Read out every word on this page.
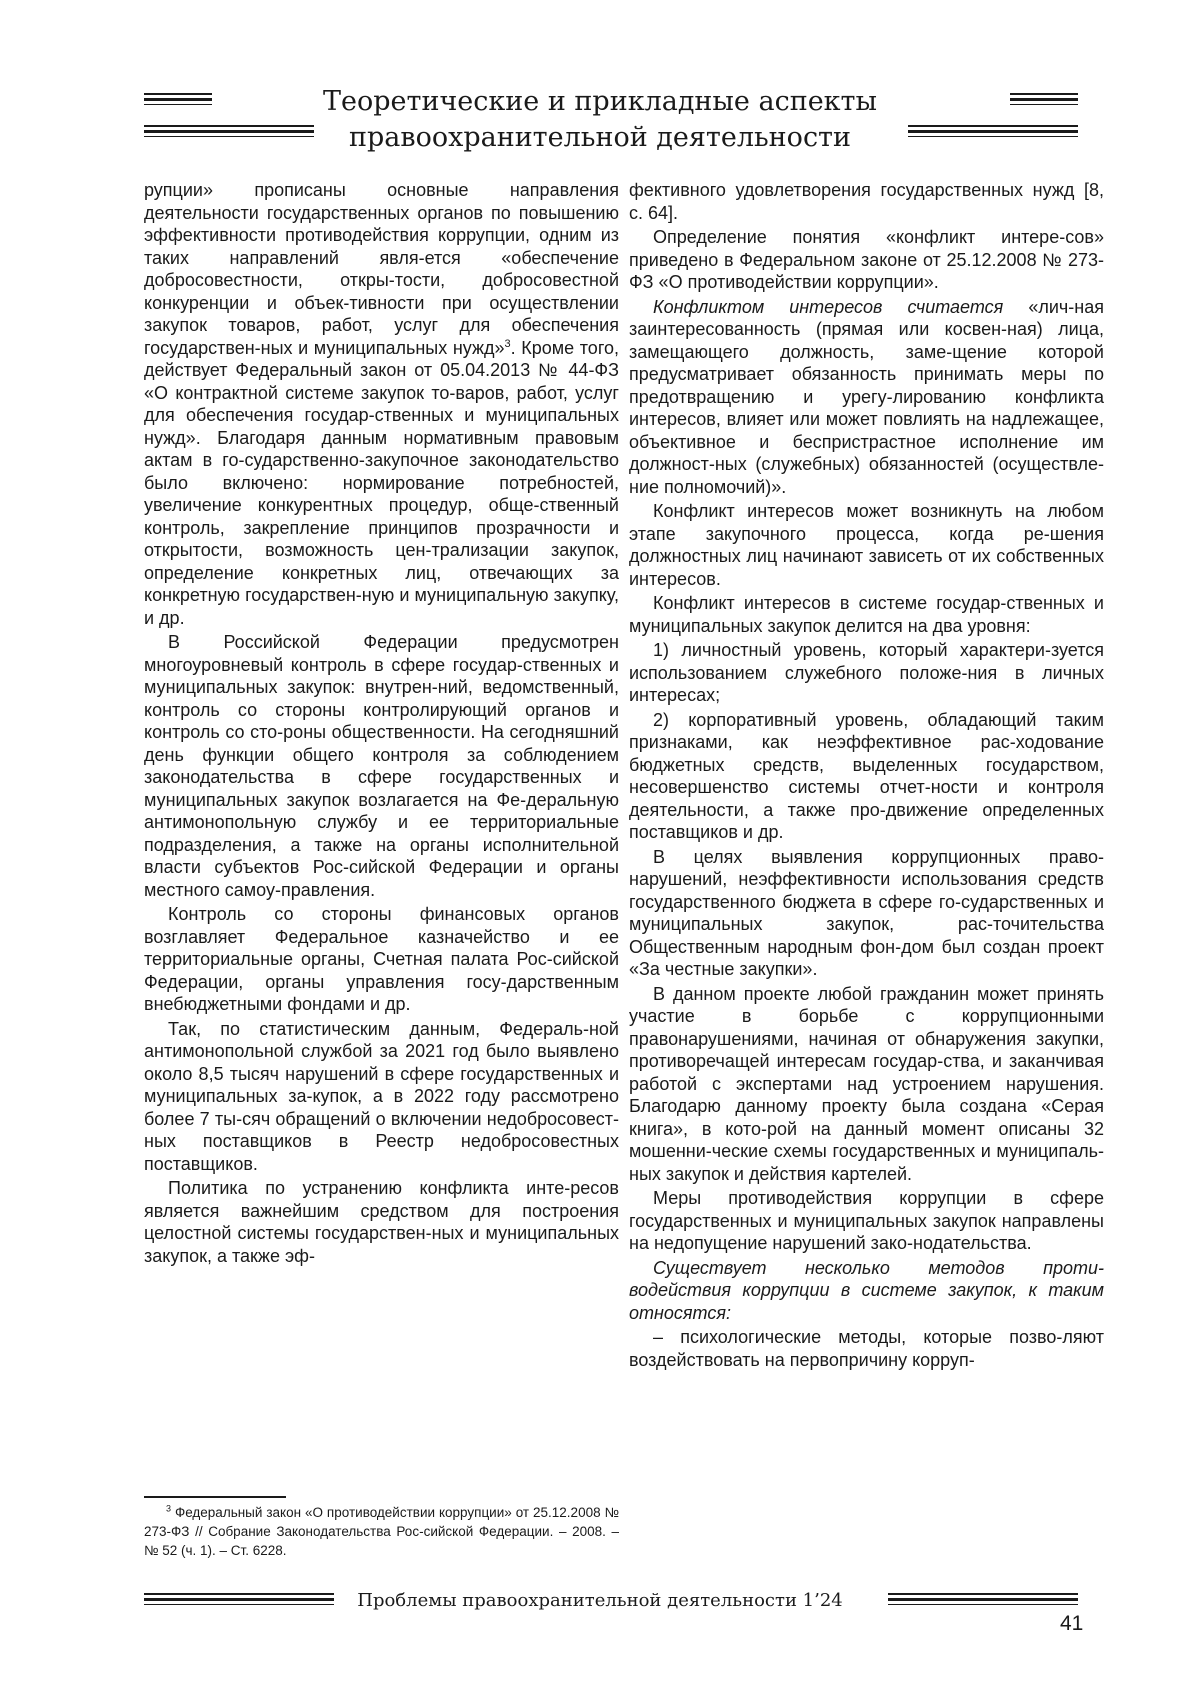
Теоретические и прикладные аспекты
правоохранительной деятельности

рупции» прописаны основные направления деятельности государственных органов по повышению эффективности противодействия коррупции, одним из таких направлений явля-ется «обеспечение добросовестности, откры-тости, добросовестной конкуренции и объек-тивности при осуществлении закупок товаров, работ, услуг для обеспечения государствен-ных и муниципальных нужд»$^3$. Кроме того, действует Федеральный закон от 05.04.2013 № 44-ФЗ «О контрактной системе закупок то-варов, работ, услуг для обеспечения государ-ственных и муниципальных нужд». Благодаря данным нормативным правовым актам в го-сударственно-закупочное законодательство было включено: нормирование потребностей, увеличение конкурентных процедур, обще-ственный контроль, закрепление принципов прозрачности и открытости, возможность цен-трализации закупок, определение конкретных лиц, отвечающих за конкретную государствен-ную и муниципальную закупку, и др.

В Российской Федерации предусмотрен многоуровневый контроль в сфере государ-ственных и муниципальных закупок: внутрен-ний, ведомственный, контроль со стороны контролирующий органов и контроль со сто-роны общественности. На сегодняшний день функции общего контроля за соблюдением законодательства в сфере государственных и муниципальных закупок возлагается на Фе-деральную антимонопольную службу и ее территориальные подразделения, а также на органы исполнительной власти субъектов Рос-сийской Федерации и органы местного самоу-правления.

Контроль со стороны финансовых органов возглавляет Федеральное казначейство и ее территориальные органы, Счетная палата Рос-сийской Федерации, органы управления госу-дарственным внебюджетными фондами и др.

Так, по статистическим данным, Федераль-ной антимонопольной службой за 2021 год было выявлено около 8,5 тысяч нарушений в сфере государственных и муниципальных за-купок, а в 2022 году рассмотрено более 7 ты-сяч обращений о включении недобросовест-ных поставщиков в Реестр недобросовестных поставщиков.

Политика по устранению конфликта инте-ресов является важнейшим средством для построения целостной системы государствен-ных и муниципальных закупок, а также эф-

фективного удовлетворения государственных нужд [8, с. 64].

Определение понятия «конфликт интере-сов» приведено в Федеральном законе от 25.12.2008 № 273-ФЗ «О противодействии коррупции».

Конфликтом интересов считается «лич-ная заинтересованность (прямая или косвен-ная) лица, замещающего должность, заме-щение которой предусматривает обязанность принимать меры по предотвращению и урегу-лированию конфликта интересов, влияет или может повлиять на надлежащее, объективное и беспристрастное исполнение им должност-ных (служебных) обязанностей (осуществле-ние полномочий)».

Конфликт интересов может возникнуть на любом этапе закупочного процесса, когда ре-шения должностных лиц начинают зависеть от их собственных интересов.

Конфликт интересов в системе государ-ственных и муниципальных закупок делится на два уровня:

1) личностный уровень, который характери-зуется использованием служебного положе-ния в личных интересах;

2) корпоративный уровень, обладающий таким признаками, как неэффективное рас-ходование бюджетных средств, выделенных государством, несовершенство системы отчет-ности и контроля деятельности, а также про-движение определенных поставщиков и др.

В целях выявления коррупционных право-нарушений, неэффективности использования средств государственного бюджета в сфере го-сударственных и муниципальных закупок, рас-точительства Общественным народным фон-дом был создан проект «За честные закупки».

В данном проекте любой гражданин может принять участие в борьбе с коррупционными правонарушениями, начиная от обнаружения закупки, противоречащей интересам государ-ства, и заканчивая работой с экспертами над устроением нарушения. Благодарю данному проекту была создана «Серая книга», в кото-рой на данный момент описаны 32 мошенни-ческие схемы государственных и муниципаль-ных закупок и действия картелей.

Меры противодействия коррупции в сфере государственных и муниципальных закупок направлены на недопущение нарушений зако-нодательства.

Существует несколько методов проти-водействия коррупции в системе закупок, к таким относятся:

– психологические методы, которые позво-ляют воздействовать на первопричину корруп-

$^3$ Федеральный закон «О противодействии коррупции» от 25.12.2008 № 273-ФЗ // Собрание Законодательства Рос-сийской Федерации. – 2008. – № 52 (ч. 1). – Ст. 6228.

Проблемы правоохранительной деятельности 1’24
41
